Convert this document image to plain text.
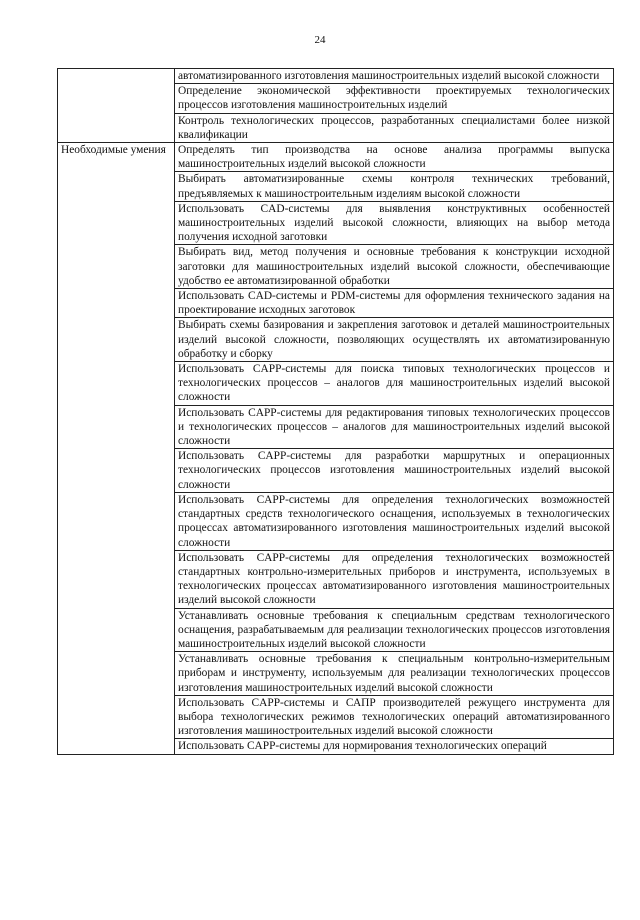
24
	автоматизированного изготовления машиностроительных изделий высокой сложности
	Определение экономической эффективности проектируемых технологических процессов изготовления машиностроительных изделий
	Контроль технологических процессов, разработанных специалистами более низкой квалификации
Необходимые умения	Определять тип производства на основе анализа программы выпуска машиностроительных изделий высокой сложности
	Выбирать автоматизированные схемы контроля технических требований, предъявляемых к машиностроительным изделиям высокой сложности
	Использовать CAD-системы для выявления конструктивных особенностей машиностроительных изделий высокой сложности, влияющих на выбор метода получения исходной заготовки
	Выбирать вид, метод получения и основные требования к конструкции исходной заготовки для машиностроительных изделий высокой сложности, обеспечивающие удобство ее автоматизированной обработки
	Использовать CAD-системы и PDM-системы для оформления технического задания на проектирование исходных заготовок
	Выбирать схемы базирования и закрепления заготовок и деталей машиностроительных изделий высокой сложности, позволяющих осуществлять их автоматизированную обработку и сборку
	Использовать CAPP-системы для поиска типовых технологических процессов и технологических процессов – аналогов для машиностроительных изделий высокой сложности
	Использовать CAPP-системы для редактирования типовых технологических процессов и технологических процессов – аналогов для машиностроительных изделий высокой сложности
	Использовать CAPP-системы для разработки маршрутных и операционных технологических процессов изготовления машиностроительных изделий высокой сложности
	Использовать CAPP-системы для определения технологических возможностей стандартных средств технологического оснащения, используемых в технологических процессах автоматизированного изготовления машиностроительных изделий высокой сложности
	Использовать CAPP-системы для определения технологических возможностей стандартных контрольно-измерительных приборов и инструмента, используемых в технологических процессах автоматизированного изготовления машиностроительных изделий высокой сложности
	Устанавливать основные требования к специальным средствам технологического оснащения, разрабатываемым для реализации технологических процессов изготовления машиностроительных изделий высокой сложности
	Устанавливать основные требования к специальным контрольно-измерительным приборам и инструменту, используемым для реализации технологических процессов изготовления машиностроительных изделий высокой сложности
	Использовать CAPP-системы и САПР производителей режущего инструмента для выбора технологических режимов технологических операций автоматизированного изготовления машиностроительных изделий высокой сложности
	Использовать CAPP-системы для нормирования технологических операций
